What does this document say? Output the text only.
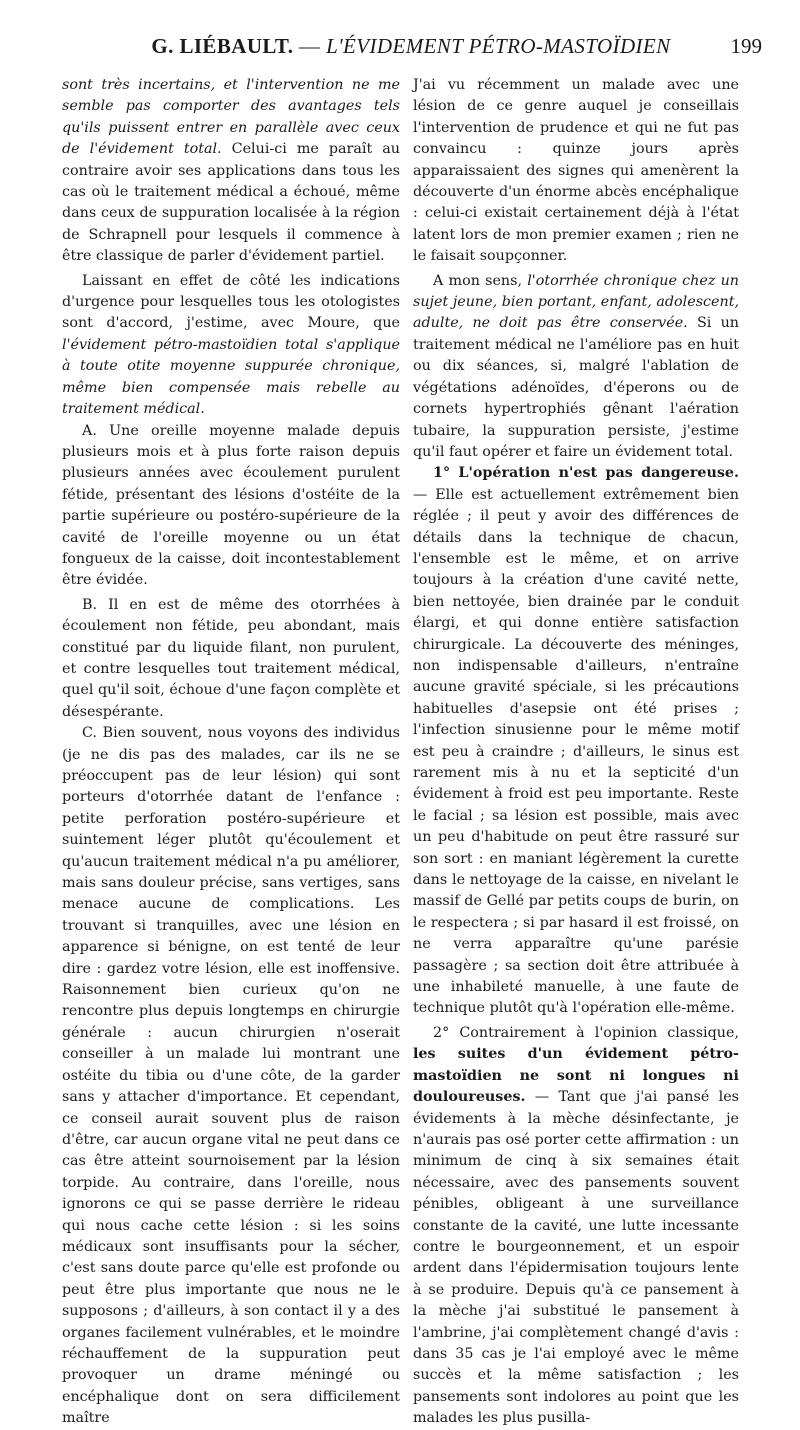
G. LIÉBAULT. — L'ÉVIDEMENT PÉTRO-MASTOÏDIEN	199

sont très incertains, et l'intervention ne me semble pas comporter des avantages tels qu'ils puissent entrer en parallèle avec ceux de l'évidement total. Celui-ci me paraît au contraire avoir ses applications dans tous les cas où le traitement médical a échoué, même dans ceux de suppuration localisée à la région de Schrapnell pour lesquels il commence à être classique de parler d'évidement partiel.

Laissant en effet de côté les indications d'urgence pour lesquelles tous les otologistes sont d'accord, j'estime, avec Moure, que l'évidement pétro-mastoïdien total s'applique à toute otite moyenne suppurée chronique, même bien compensée mais rebelle au traitement médical.

A. Une oreille moyenne malade depuis plusieurs mois et à plus forte raison depuis plusieurs années avec écoulement purulent fétide, présentant des lésions d'ostéite de la partie supérieure ou postéro-supérieure de la cavité de l'oreille moyenne ou un état fongueux de la caisse, doit incontestablement être évidée.

B. Il en est de même des otorrhées à écoulement non fétide, peu abondant, mais constitué par du liquide filant, non purulent, et contre lesquelles tout traitement médical, quel qu'il soit, échoue d'une façon complète et désespérante.

C. Bien souvent, nous voyons des individus (je ne dis pas des malades, car ils ne se préoccupent pas de leur lésion) qui sont porteurs d'otorrhée datant de l'enfance : petite perforation postéro-supérieure et suintement léger plutôt qu'écoulement et qu'aucun traitement médical n'a pu améliorer, mais sans douleur précise, sans vertiges, sans menace aucune de complications. Les trouvant si tranquilles, avec une lésion en apparence si bénigne, on est tenté de leur dire : gardez votre lésion, elle est inoffensive. Raisonnement bien curieux qu'on ne rencontre plus depuis longtemps en chirurgie générale : aucun chirurgien n'oserait conseiller à un malade lui montrant une ostéite du tibia ou d'une côte, de la garder sans y attacher d'importance. Et cependant, ce conseil aurait souvent plus de raison d'être, car aucun organe vital ne peut dans ce cas être atteint sournoisement par la lésion torpide. Au contraire, dans l'oreille, nous ignorons ce qui se passe derrière le rideau qui nous cache cette lésion : si les soins médicaux sont insuffisants pour la sécher, c'est sans doute parce qu'elle est profonde ou peut être plus importante que nous ne le supposons ; d'ailleurs, à son contact il y a des organes facilement vulnérables, et le moindre réchauffement de la suppuration peut provoquer un drame méningé ou encéphalique dont on sera difficilement maître

J'ai vu récemment un malade avec une lésion de ce genre auquel je conseillais l'intervention de prudence et qui ne fut pas convaincu : quinze jours après apparaissaient des signes qui amenèrent la découverte d'un énorme abcès encéphalique : celui-ci existait certainement déjà à l'état latent lors de mon premier examen ; rien ne le faisait soupçonner.

A mon sens, l'otorrhée chronique chez un sujet jeune, bien portant, enfant, adolescent, adulte, ne doit pas être conservée. Si un traitement médical ne l'améliore pas en huit ou dix séances, si, malgré l'ablation de végétations adénoïdes, d'éperons ou de cornets hypertrophiés gênant l'aération tubaire, la suppuration persiste, j'estime qu'il faut opérer et faire un évidement total.

1° L'opération n'est pas dangereuse. — Elle est actuellement extrêmement bien réglée ; il peut y avoir des différences de détails dans la technique de chacun, l'ensemble est le même, et on arrive toujours à la création d'une cavité nette, bien nettoyée, bien drainée par le conduit élargi, et qui donne entière satisfaction chirurgicale. La découverte des méninges, non indispensable d'ailleurs, n'entraîne aucune gravité spéciale, si les précautions habituelles d'asepsie ont été prises ; l'infection sinusienne pour le même motif est peu à craindre ; d'ailleurs, le sinus est rarement mis à nu et la septicité d'un évidement à froid est peu importante. Reste le facial ; sa lésion est possible, mais avec un peu d'habitude on peut être rassuré sur son sort : en maniant légèrement la curette dans le nettoyage de la caisse, en nivelant le massif de Gellé par petits coups de burin, on le respectera ; si par hasard il est froissé, on ne verra apparaître qu'une parésie passagère ; sa section doit être attribuée à une inhabileté manuelle, à une faute de technique plutôt qu'à l'opération elle-même.

2° Contrairement à l'opinion classique, les suites d'un évidement pétro-mastoïdien ne sont ni longues ni douloureuses. — Tant que j'ai pansé les évidements à la mèche désinfectante, je n'aurais pas osé porter cette affirmation : un minimum de cinq à six semaines était nécessaire, avec des pansements souvent pénibles, obligeant à une surveillance constante de la cavité, une lutte incessante contre le bourgeonnement, et un espoir ardent dans l'épidermisation toujours lente à se produire. Depuis qu'à ce pansement à la mèche j'ai substitué le pansement à l'ambrine, j'ai complètement changé d'avis : dans 35 cas je l'ai employé avec le même succès et la même satisfaction ; les pansements sont indolores au point que les malades les plus pusilla-
